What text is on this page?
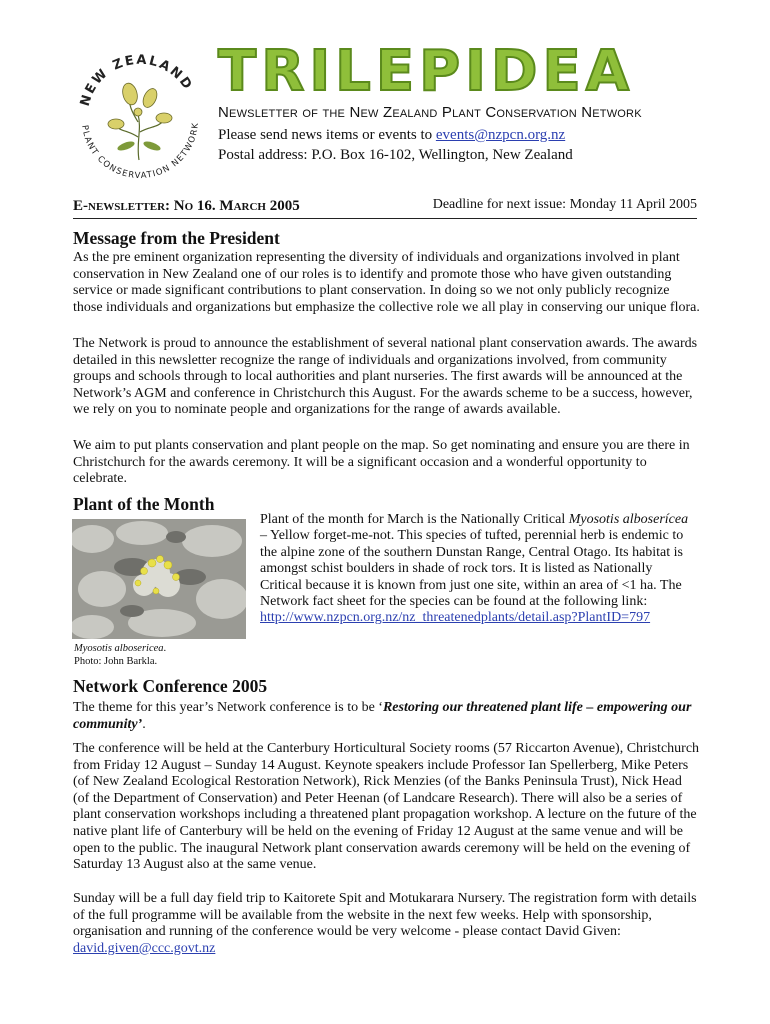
NEW ZEALAND
PLANT CONSERVATION NETWORK
TRILEPIDEA
Newsletter of the New Zealand Plant Conservation Network
Please send news items or events to events@nzpcn.org.nz
Postal address: P.O. Box 16-102, Wellington, New Zealand
E-newsletter: No 16. March 2005	Deadline for next issue: Monday 11 April 2005
Message from the President

As the pre eminent organization representing the diversity of individuals and organizations involved in plant conservation in New Zealand one of our roles is to identify and promote those who have given outstanding service or made significant contributions to plant conservation. In doing so we not only publicly recognize those individuals and organizations but emphasize the collective role we all play in conserving our unique flora.

The Network is proud to announce the establishment of several national plant conservation awards. The awards detailed in this newsletter recognize the range of individuals and organizations involved, from community groups and schools through to local authorities and plant nurseries. The first awards will be announced at the Network’s AGM and conference in Christchurch this August. For the awards scheme to be a success, however, we rely on you to nominate people and organizations for the range of awards available.

We aim to put plants conservation and plant people on the map. So get nominating and ensure you are there in Christchurch for the awards ceremony. It will be a significant occasion and a wonderful opportunity to celebrate.

Plant of the Month
Myosotis albosericea.
Photo: John Barkla.

Plant of the month for March is the Nationally Critical Myosotis alboserícea – Yellow forget-me-not. This species of tufted, perennial herb is endemic to the alpine zone of the southern Dunstan Range, Central Otago. Its habitat is amongst schist boulders in shade of rock tors. It is listed as Nationally Critical because it is known from just one site, within an area of <1 ha. The Network fact sheet for the species can be found at the following link: http://www.nzpcn.org.nz/nz_threatenedplants/detail.asp?PlantID=797

Network Conference 2005

The theme for this year’s Network conference is to be ‘Restoring our threatened plant life – empowering our community’.

The conference will be held at the Canterbury Horticultural Society rooms (57 Riccarton Avenue), Christchurch from Friday 12 August – Sunday 14 August. Keynote speakers include Professor Ian Spellerberg, Mike Peters (of New Zealand Ecological Restoration Network), Rick Menzies (of the Banks Peninsula Trust), Nick Head (of the Department of Conservation) and Peter Heenan (of Landcare Research). There will also be a series of plant conservation workshops including a threatened plant propagation workshop. A lecture on the future of the native plant life of Canterbury will be held on the evening of Friday 12 August at the same venue and will be open to the public. The inaugural Network plant conservation awards ceremony will be held on the evening of Saturday 13 August also at the same venue.

Sunday will be a full day field trip to Kaitorete Spit and Motukarara Nursery. The registration form with details of the full programme will be available from the website in the next few weeks. Help with sponsorship, organisation and running of the conference would be very welcome - please contact David Given: david.given@ccc.govt.nz
